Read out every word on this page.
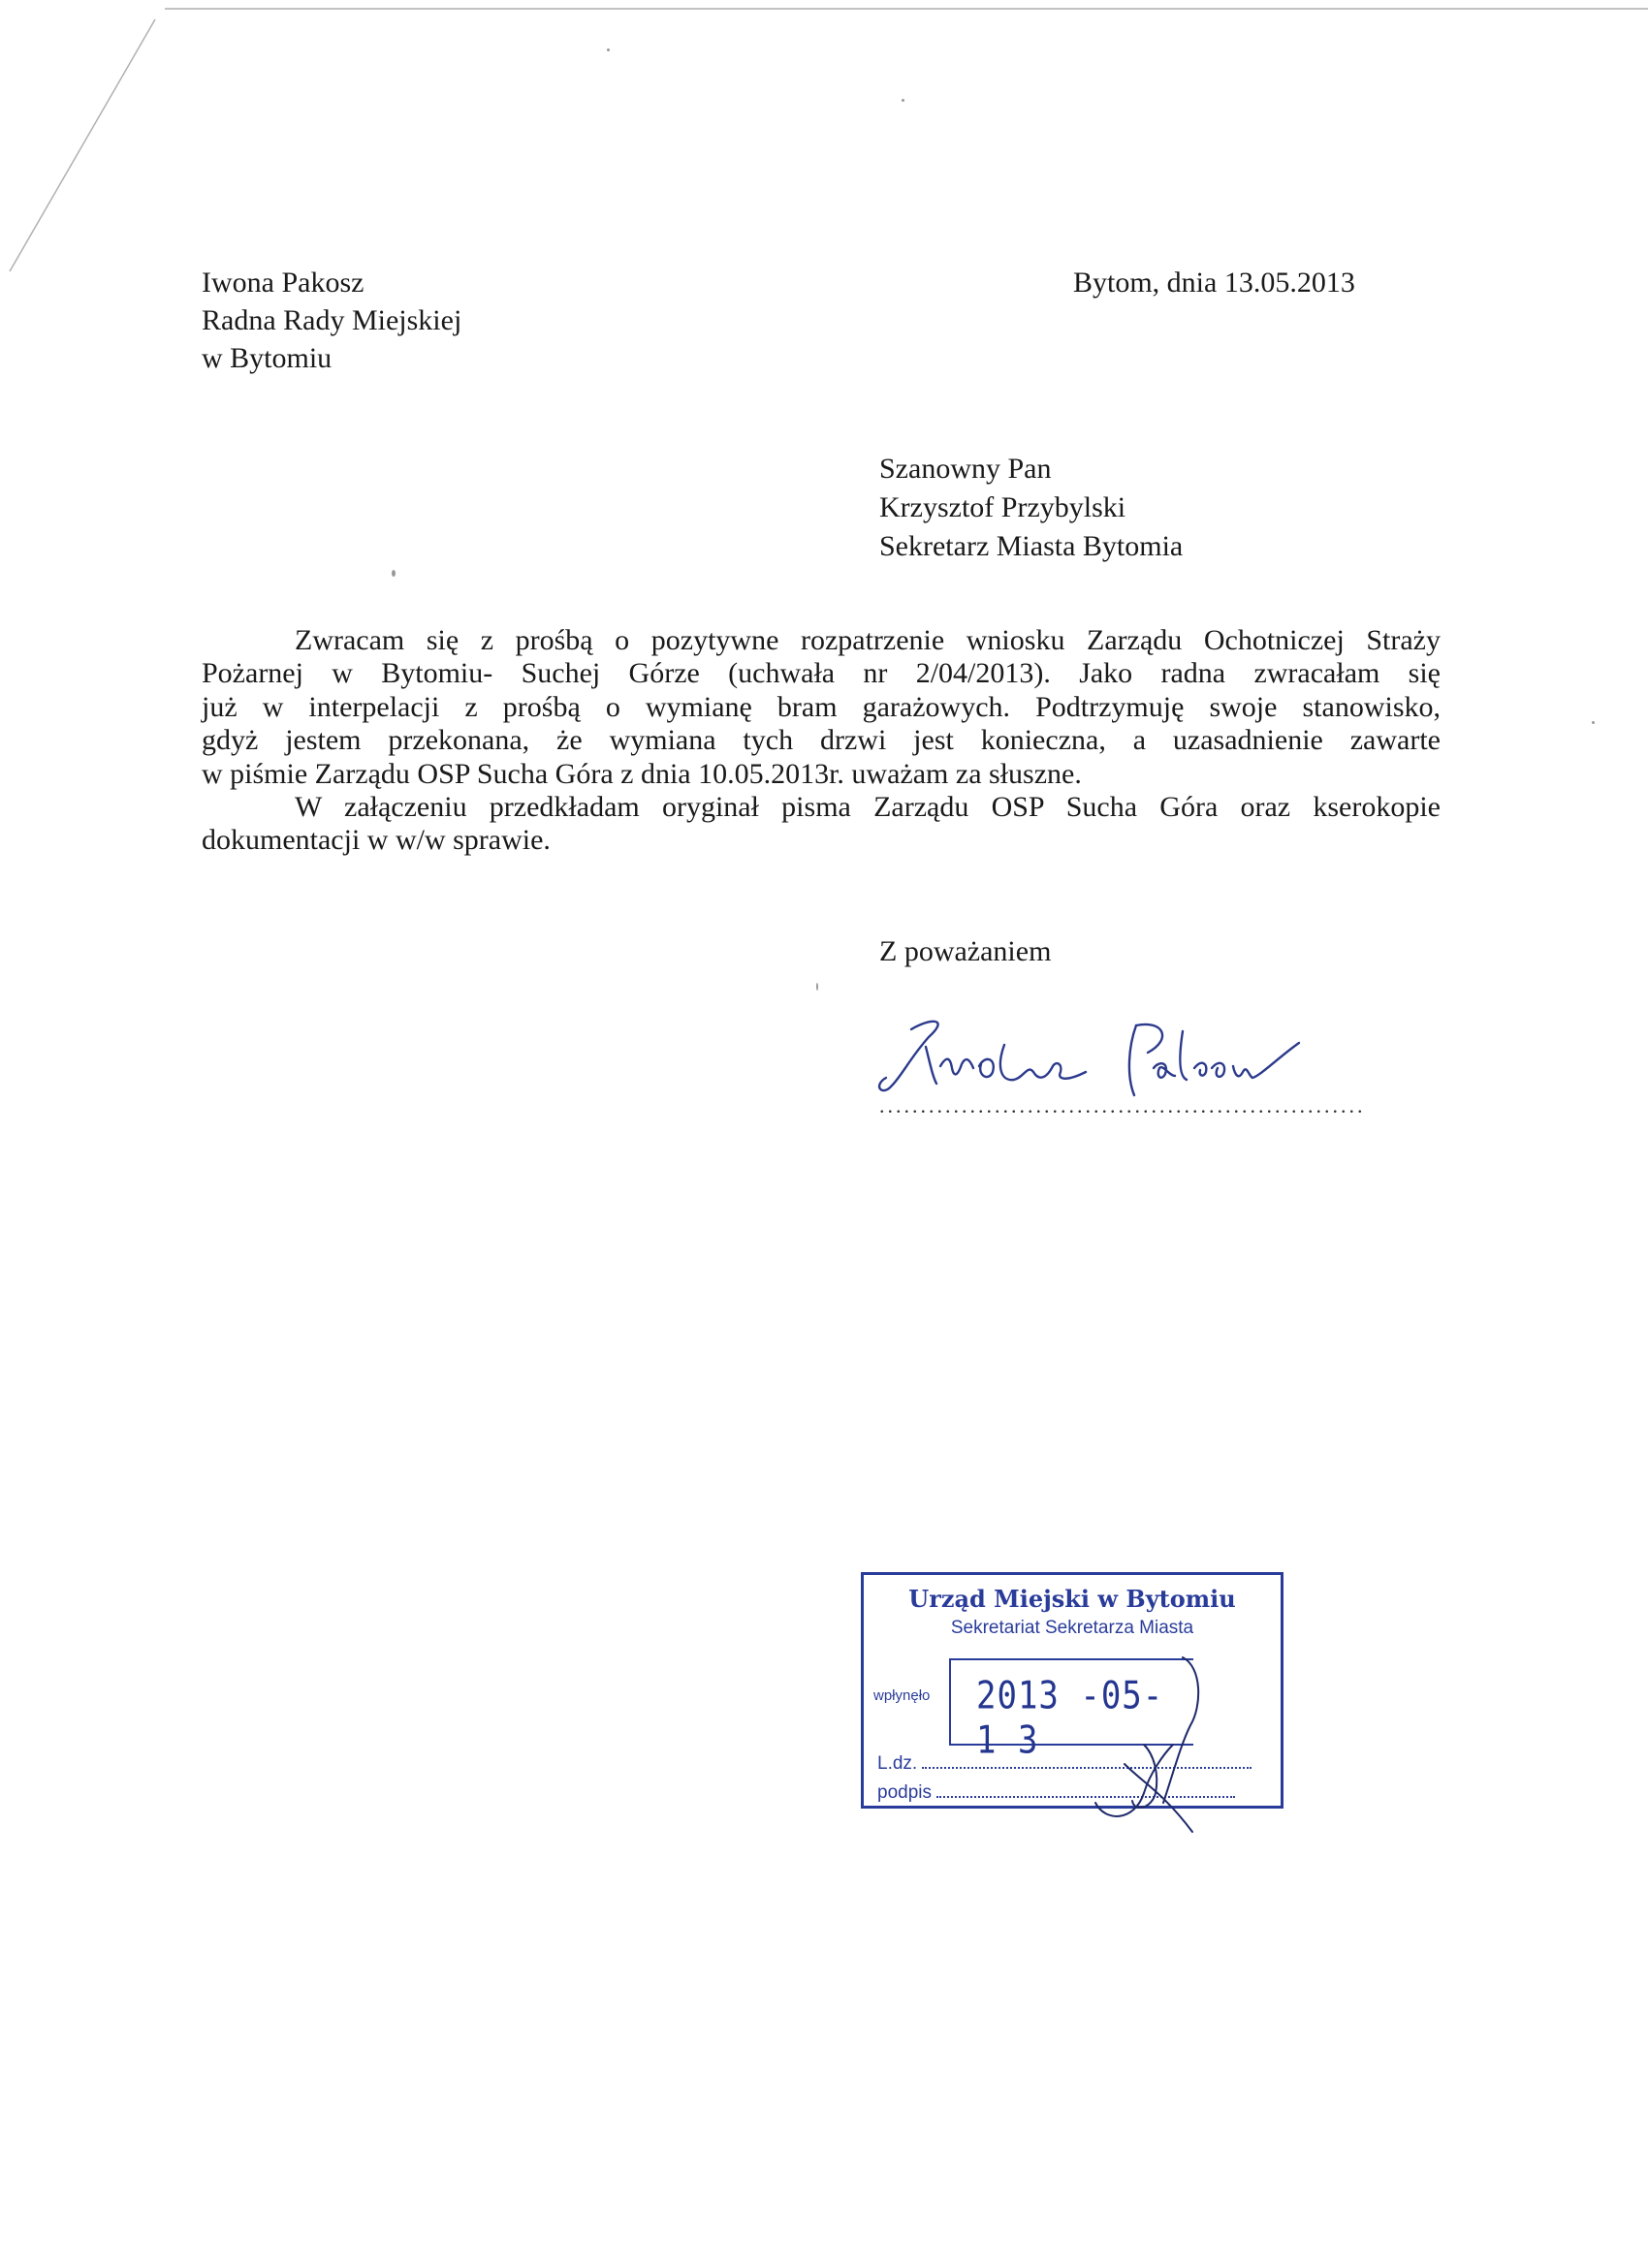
Iwona Pakosz
Radna Rady Miejskiej
w Bytomiu
Bytom, dnia 13.05.2013
Szanowny Pan
Krzysztof Przybylski
Sekretarz Miasta Bytomia

Zwracam się z prośbą o pozytywne rozpatrzenie wniosku Zarządu Ochotniczej Straży

Pożarnej w Bytomiu- Suchej Górze (uchwała nr 2/04/2013). Jako radna zwracałam się

już w interpelacji z prośbą o wymianę bram garażowych. Podtrzymuję swoje stanowisko,

gdyż jestem przekonana, że wymiana tych drzwi jest konieczna, a uzasadnienie zawarte

w piśmie Zarządu OSP Sucha Góra z dnia 10.05.2013r. uważam za słuszne.

W załączeniu przedkładam oryginał pisma Zarządu OSP Sucha Góra oraz kserokopie

dokumentacji w w/w sprawie.

Z poważaniem
...........................................................
Urząd Miejski w Bytomiu
Sekretariat Sekretarza Miasta
wpłynęło 2013 -05- 1 3
L.dz.
podpis
